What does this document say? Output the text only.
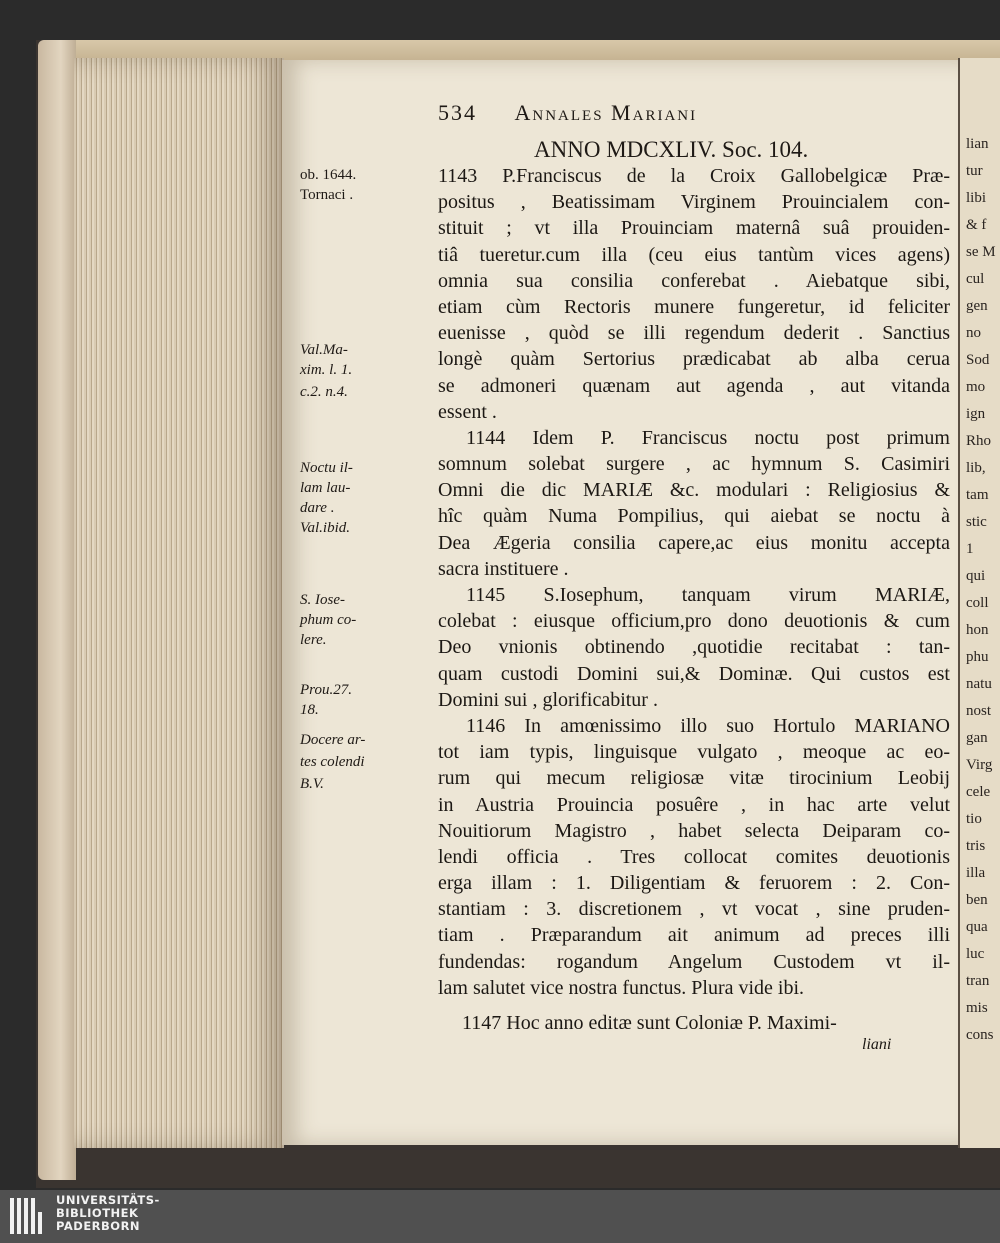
lian
tur
libi
& f
se M
cul
gen
no
Sod
mo
ign
Rho
lib,
tam
stic
1
qui
coll
hon
phu
natu
nost
gan
Virg
cele
tio
tris
illa
ben
qua
luc
tran
mis
cons
534 Annales Mariani
ANNO MDCXLIV. Soc. 104.
ob. 1644.
Tornaci .
Val.Ma-
xim. l. 1.
c.2. n.4.
Noctu il-
lam lau-
dare .
Val.ibid.
S. Iose-
phum co-
lere.
Prou.27.
18.
Docere ar-
tes colendi
B.V.
1143 P.Franciscus de la Croix Gallobelgicæ Præ-
positus , Beatissimam Virginem Prouincialem con-
stituit ; vt illa Prouinciam maternâ suâ prouiden-
tiâ tueretur.cum illa (ceu eius tantùm vices agens)
omnia sua consilia conferebat . Aiebatque sibi,
etiam cùm Rectoris munere fungeretur, id feliciter
euenisse , quòd se illi regendum dederit . Sanctius
longè quàm Sertorius prædicabat ab alba cerua
se admoneri quænam aut agenda , aut vitanda
essent .
1144 Idem P. Franciscus noctu post primum
somnum solebat surgere , ac hymnum S. Casimiri
Omni die dic MARIÆ &c. modulari : Religiosius &
hîc quàm Numa Pompilius, qui aiebat se noctu à
Dea Ægeria consilia capere,ac eius monitu accepta
sacra instituere .
1145 S.Iosephum, tanquam virum MARIÆ,
colebat : eiusque officium,pro dono deuotionis & cum
Deo vnionis obtinendo ,quotidie recitabat : tan-
quam custodi Domini sui,& Dominæ. Qui custos est
Domini sui , glorificabitur .
1146 In amœnissimo illo suo Hortulo MARIANO
tot iam typis, linguisque vulgato , meoque ac eo-
rum qui mecum religiosæ vitæ tirocinium Leobij
in Austria Prouincia posuêre , in hac arte velut
Nouitiorum Magistro , habet selecta Deiparam co-
lendi officia . Tres collocat comites deuotionis
erga illam : 1. Diligentiam & feruorem : 2. Con-
stantiam : 3. discretionem , vt vocat , sine pruden-
tiam . Præparandum ait animum ad preces illi
fundendas: rogandum Angelum Custodem vt il-
lam salutet vice nostra functus. Plura vide ibi.
1147 Hoc anno editæ sunt Coloniæ P. Maximi-
liani
UNIVERSITÄTS-
BIBLIOTHEK
PADERBORN
